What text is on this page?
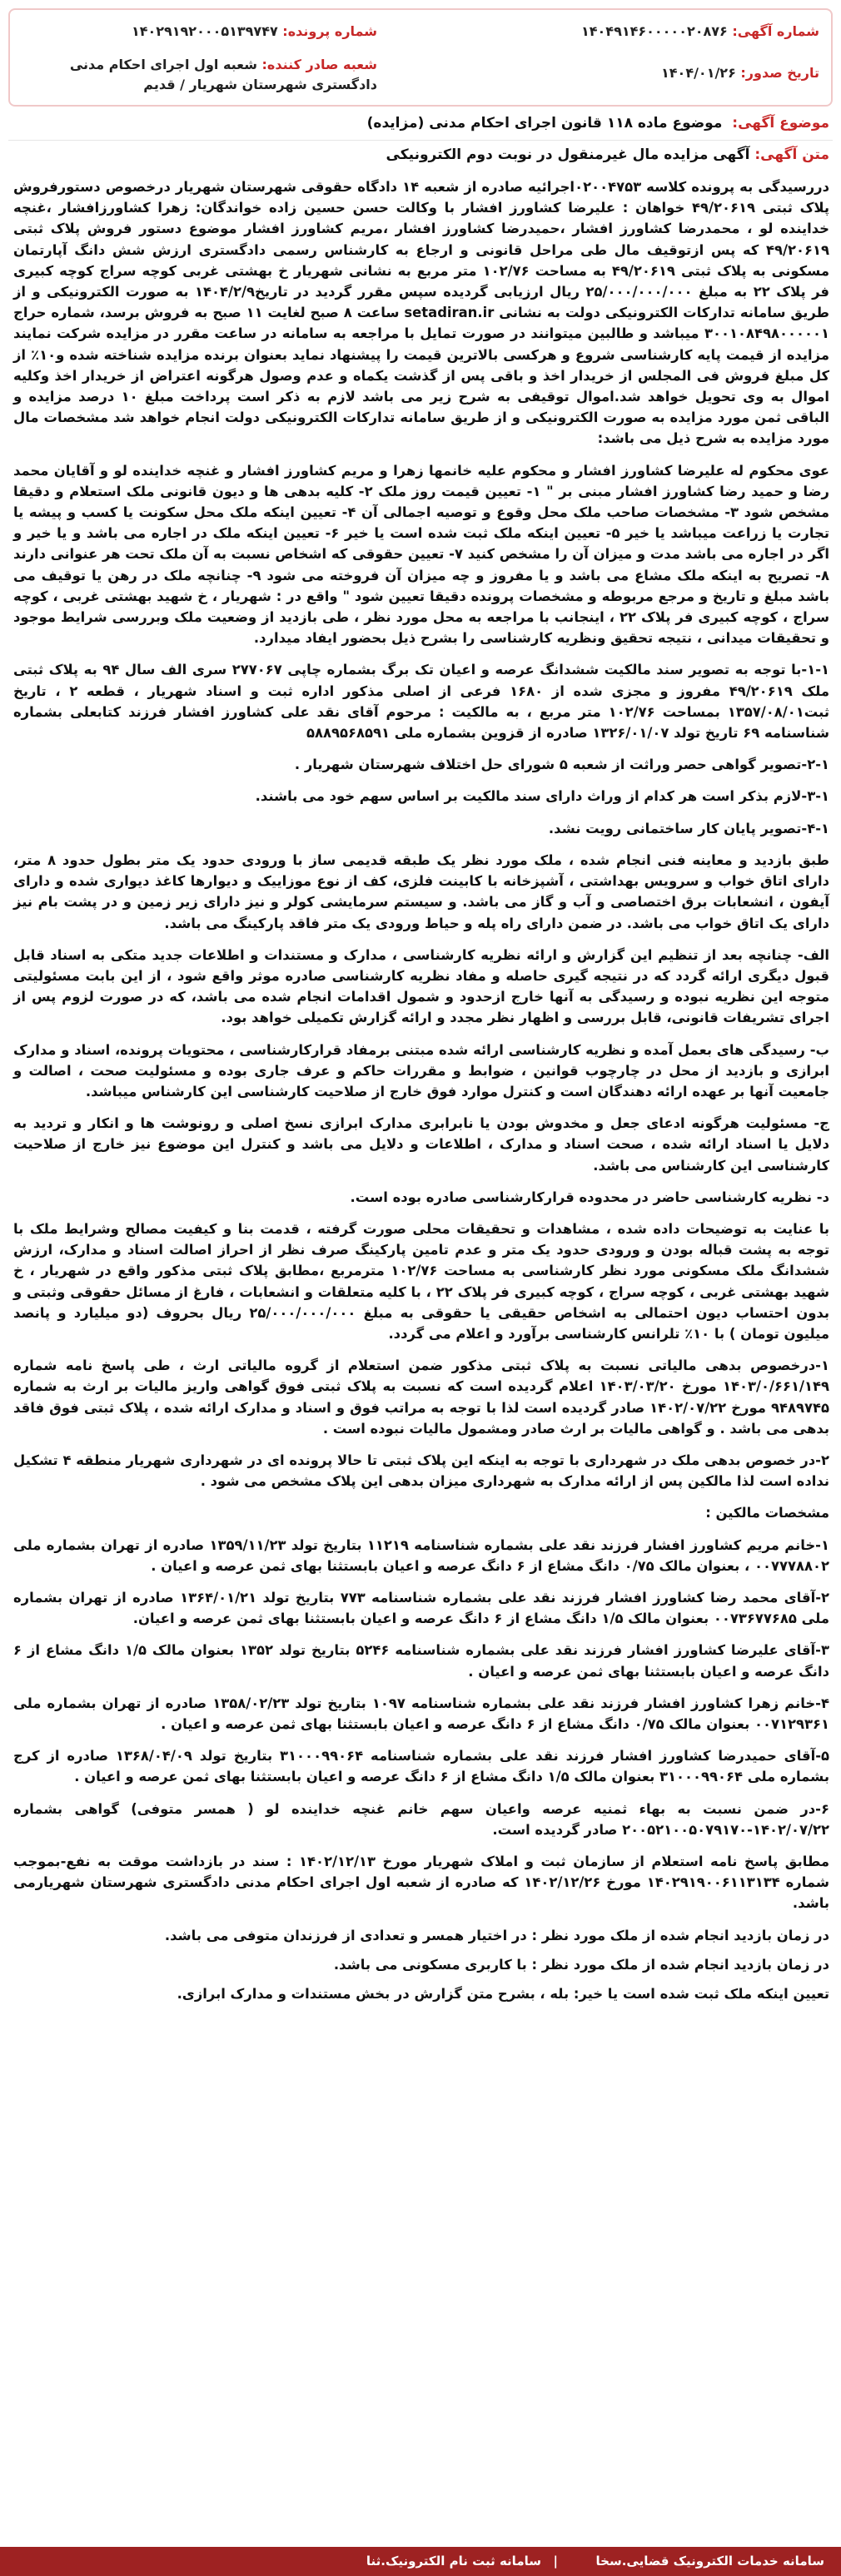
شماره آگهی: ۱۴۰۴۹۱۴۶۰۰۰۰۰۲۰۸۷۶
شماره پرونده: ۱۴۰۲۹۱۹۲۰۰۰۵۱۳۹۷۴۷
تاریخ صدور: ۱۴۰۴/۰۱/۲۶
شعبه صادر کننده: شعبه اول اجرای احکام مدنی دادگستری شهرستان شهریار / قدیم
موضوع آگهی: موضوع ماده ۱۱۸ قانون اجرای احکام مدنی (مزایده)
متن آگهی: آگهی مزایده مال غیرمنقول در نوبت دوم الکترونیکی

دررسیدگی به پرونده کلاسه ۰۲۰۰۴۷۵۳اجرائیه صادره از شعبه ۱۴ دادگاه حقوقی شهرستان شهریار درخصوص دستورفروش پلاک ثبتی ۴۹/۲۰۶۱۹ خواهان : علیرضا کشاورز افشار با وکالت حسن حسین زاده خواندگان: زهرا کشاورزافشار ،غنچه خداینده لو ، محمدرضا کشاورز افشار ،حمیدرضا کشاورز افشار ،مریم کشاورز افشار موضوع دستور فروش پلاک ثبتی ۴۹/۲۰۶۱۹ که پس ازتوقیف مال طی مراحل قانونی و ارجاع به کارشناس رسمی دادگستری ارزش شش دانگ آپارتمان مسکونی به پلاک ثبتی ۴۹/۲۰۶۱۹ به مساحت ۱۰۲/۷۶ متر مربع به نشانی شهریار خ بهشتی غربی کوچه سراج کوچه کبیری فر پلاک ۲۲ به مبلغ ۲۵/۰۰۰/۰۰۰/۰۰۰ ریال ارزیابی گردیده سپس مقرر گردید در تاریخ۱۴۰۴/۲/۹ به صورت الکترونیکی و از طریق سامانه تدارکات الکترونیکی دولت به نشانی setadiran.ir ساعت ۸ صبح لغایت ۱۱ صبح به فروش برسد، شماره حراج ۳۰۰۱۰۸۴۹۸۰۰۰۰۰۱ میباشد و طالبین میتوانند در صورت تمایل با مراجعه به سامانه در ساعت مقرر در مزایده شرکت نمایند مزایده از قیمت پایه کارشناسی شروع و هرکسی بالاترین قیمت را پیشنهاد نماید بعنوان برنده مزایده شناخته شده و۱۰٪ از کل مبلغ فروش فی المجلس از خریدار اخذ و باقی پس از گذشت یکماه و عدم وصول هرگونه اعتراض از خریدار اخذ وکلیه اموال به وی تحویل خواهد شد.اموال توقیفی به شرح زیر می باشد لازم به ذکر است پرداخت مبلغ ۱۰ درصد مزایده و الباقی ثمن مورد مزایده به صورت الکترونیکی و از طریق سامانه تدارکات الکترونیکی دولت انجام خواهد شد مشخصات مال مورد مزایده به شرح ذیل می باشد:

عوی محکوم له علیرضا کشاورز افشار و محکوم علیه خانمها زهرا و مریم کشاورز افشار و غنچه خداینده لو و آقایان محمد رضا و حمید رضا کشاورز افشار مبنی بر " ۱- تعیین قیمت روز ملک ۲- کلیه بدهی ها و دیون قانونی ملک استعلام و دقیقا مشخص شود ۳- مشخصات صاحب ملک محل وقوع و توصیه اجمالی آن ۴- تعیین اینکه ملک محل سکونت یا کسب و پیشه یا تجارت یا زراعت میباشد یا خیر ۵- تعیین اینکه ملک ثبت شده است یا خیر ۶- تعیین اینکه ملک در اجاره می باشد و یا خیر و اگر در اجاره می باشد مدت و میزان آن را مشخص کنید ۷- تعیین حقوقی که اشخاص نسبت به آن ملک تحت هر عنوانی دارند ۸- تصریح به اینکه ملک مشاع می باشد و یا مفروز و چه میزان آن فروخته می شود ۹- چنانچه ملک در رهن یا توقیف می باشد مبلغ و تاریخ و مرجع مربوطه و مشخصات پرونده دقیقا تعیین شود " واقع در : شهریار ، خ شهید بهشتی غربی ، کوچه سراج ، کوچه کبیری فر پلاک ۲۲ ، اینجانب با مراجعه به محل مورد نظر ، طی بازدید از وضعیت ملک وبررسی شرایط موجود و تحقیقات میدانی ، نتیجه تحقیق ونظریه کارشناسی را بشرح ذیل بحضور ایفاد میدارد.

۱-۱-با توجه به تصویر سند مالکیت ششدانگ عرصه و اعیان تک برگ بشماره چاپی ۲۷۷۰۶۷ سری الف سال ۹۴ به پلاک ثبتی ملک ۴۹/۲۰۶۱۹ مفروز و مجزی شده از ۱۶۸۰ فرعی از اصلی مذکور اداره ثبت و اسناد شهریار ، قطعه ۲ ، تاریخ ثبت۱۳۵۷/۰۸/۰۱ بمساحت ۱۰۲/۷۶ متر مربع ، به مالکیت : مرحوم آقای نقد علی کشاورز افشار فرزند کتابعلی بشماره شناسنامه ۶۹ تاریخ تولد ۱۳۲۶/۰۱/۰۷ صادره از قزوین بشماره ملی ۵۸۸۹۵۶۸۵۹۱

۲-۱-تصویر گواهی حصر وراثت از شعبه ۵ شورای حل اختلاف شهرستان شهریار .

۳-۱-لازم بذکر است هر کدام از وراث دارای سند مالکیت بر اساس سهم خود می باشند.

۴-۱-تصویر پایان کار ساختمانی رویت نشد.

طبق بازدید و معاینه فنی انجام شده ، ملک مورد نظر یک طبقه قدیمی ساز با ورودی حدود یک متر بطول حدود ۸ متر، دارای اتاق خواب و سرویس بهداشتی ، آشپزخانه با کابینت فلزی، کف از نوع موزاییک و دیوارها کاغذ دیواری شده و دارای آیفون ، انشعابات برق اختصاصی و آب و گاز می باشد. و سیستم سرمایشی کولر و نیز دارای زیر زمین و در پشت بام نیز دارای یک اتاق خواب می باشد. در ضمن دارای راه پله و حیاط ورودی یک متر فاقد پارکینگ می باشد.

الف- چنانچه بعد از تنظیم این گزارش و ارائه نظریه کارشناسی ، مدارک و مستندات و اطلاعات جدید متکی به اسناد قابل قبول دیگری ارائه گردد که در نتیجه گیری حاصله و مفاد نظریه کارشناسی صادره موثر واقع شود ، از این بابت مسئولیتی متوجه این نظریه نبوده و رسیدگی به آنها خارج ازحدود و شمول اقدامات انجام شده می باشد، که در صورت لزوم پس از اجرای تشریفات قانونی، قابل بررسی و اظهار نظر مجدد و ارائه گزارش تکمیلی خواهد بود.

ب- رسیدگی های بعمل آمده و نظریه کارشناسی ارائه شده مبتنی برمفاد قرارکارشناسی ، محتویات پرونده، اسناد و مدارک ابرازی و بازدید از محل در چارچوب قوانین ، ضوابط و مقررات حاکم و عرف جاری بوده و مسئولیت صحت ، اصالت و جامعیت آنها بر عهده ارائه دهندگان است و کنترل موارد فوق خارج از صلاحیت کارشناسی این کارشناس میباشد.

ج- مسئولیت هرگونه ادعای جعل و مخدوش بودن یا نابرابری مدارک ابرازی نسخ اصلی و رونوشت ها و انکار و تردید به دلایل یا اسناد ارائه شده ، صحت اسناد و مدارک ، اطلاعات و دلایل می باشد و کنترل این موضوع نیز خارج از صلاحیت کارشناسی این کارشناس می باشد.

د- نظریه کارشناسی حاضر در محدوده قرارکارشناسی صادره بوده است.

با عنایت به توضیحات داده شده ، مشاهدات و تحقیقات محلی صورت گرفته ، قدمت بنا و کیفیت مصالح وشرایط ملک با توجه به پشت قباله بودن و ورودی حدود یک متر و عدم تامین پارکینگ صرف نظر از احراز اصالت اسناد و مدارک، ارزش ششدانگ ملک مسکونی مورد نظر کارشناسی به مساحت ۱۰۲/۷۶ مترمربع ،مطابق پلاک ثبتی مذکور واقع در شهریار ، خ شهید بهشتی غربی ، کوچه سراج ، کوچه کبیری فر پلاک ۲۲ ، با کلیه متعلقات و انشعابات ، فارغ از مسائل حقوقی وثبتی و بدون احتساب دیون احتمالی به اشخاص حقیقی یا حقوقی به مبلغ ۲۵/۰۰۰/۰۰۰/۰۰۰ ریال بحروف (دو میلیارد و پانصد میلیون تومان ) با ۱۰٪ تلرانس کارشناسی برآورد و اعلام می گردد.

۱-درخصوص بدهی مالیاتی نسبت به پلاک ثبتی مذکور ضمن استعلام از گروه مالیاتی ارث ، طی پاسخ نامه شماره ۱۴۰۳/۰/۶۶۱/۱۴۹ مورخ ۱۴۰۳/۰۳/۲۰ اعلام گردیده است که نسبت به پلاک ثبتی فوق گواهی واریز مالیات بر ارث به شماره ۹۴۸۹۷۴۵ مورخ ۱۴۰۲/۰۷/۲۲ صادر گردیده است لذا با توجه به مراتب فوق و اسناد و مدارک ارائه شده ، پلاک ثبتی فوق فاقد بدهی می باشد . و گواهی مالیات بر ارث صادر ومشمول مالیات نبوده است .

۲-در خصوص بدهی ملک در شهرداری با توجه به اینکه این پلاک ثبتی تا حالا پرونده ای در شهرداری شهریار منطقه ۴ تشکیل نداده است لذا مالکین پس از ارائه مدارک به شهرداری میزان بدهی این پلاک مشخص می شود .

مشخصات مالکین :

۱-خانم مریم کشاورز افشار فرزند نقد علی بشماره شناسنامه ۱۱۲۱۹ بتاریخ تولد ۱۳۵۹/۱۱/۲۳ صادره از تهران بشماره ملی ۰۰۷۷۷۸۸۰۲ ، بعنوان مالک ۰/۷۵ دانگ مشاع از ۶ دانگ عرصه و اعیان بابستثنا بهای ثمن عرصه و اعیان .

۲-آقای محمد رضا کشاورز افشار فرزند نقد علی بشماره شناسنامه ۷۷۳ بتاریخ تولد ۱۳۶۴/۰۱/۲۱ صادره از تهران بشماره ملی ۰۰۷۳۶۷۷۶۸۵ بعنوان مالک ۱/۵ دانگ مشاع از ۶ دانگ عرصه و اعیان بابستثنا بهای ثمن عرصه و اعیان.

۳-آقای علیرضا کشاورز افشار فرزند نقد علی بشماره شناسنامه ۵۲۴۶ بتاریخ تولد ۱۳۵۲ بعنوان مالک ۱/۵ دانگ مشاع از ۶ دانگ عرصه و اعیان بابستثنا بهای ثمن عرصه و اعیان .

۴-خانم زهرا کشاورز افشار فرزند نقد علی بشماره شناسنامه ۱۰۹۷ بتاریخ تولد ۱۳۵۸/۰۲/۲۳ صادره از تهران بشماره ملی ۰۰۷۱۲۹۳۶۱ بعنوان مالک ۰/۷۵ دانگ مشاع از ۶ دانگ عرصه و اعیان بابستثنا بهای ثمن عرصه و اعیان .

۵-آقای حمیدرضا کشاورز افشار فرزند نقد علی بشماره شناسنامه ۳۱۰۰۰۹۹۰۶۴ بتاریخ تولد ۱۳۶۸/۰۴/۰۹ صادره از کرج بشماره ملی ۳۱۰۰۰۹۹۰۶۴ بعنوان مالک ۱/۵ دانگ مشاع از ۶ دانگ عرصه و اعیان بابستثنا بهای ثمن عرصه و اعیان .

۶-در ضمن نسبت به بهاء ثمنیه عرصه واعیان سهم خانم غنچه خداینده لو ( همسر متوفی) گواهی بشماره ۱۴۰۲/۰۷/۲۲-۲۰۰۵۲۱۰۰۵۰۷۹۱۷۰ صادر گردیده است.

مطابق پاسخ نامه استعلام از سازمان ثبت و املاک شهریار مورخ ۱۴۰۲/۱۲/۱۳ : سند در بازداشت موقت به نفع-بموجب شماره ۱۴۰۲۹۱۹۰۰۶۱۱۳۱۳۴ مورخ ۱۴۰۲/۱۲/۲۶ که صادره از شعبه اول اجرای احکام مدنی دادگستری شهرستان شهریارمی باشد.

در زمان بازدید انجام شده از ملک مورد نظر : در اختیار همسر و تعدادی از فرزندان متوفی می باشد.

در زمان بازدید انجام شده از ملک مورد نظر : با کاربری مسکونی می باشد.

تعیین اینکه ملک ثبت شده است یا خیر: بله ، بشرح متن گزارش در بخش مستندات و مدارک ابرازی.

سامانه خدمات الکترونیک قضایی.سخا
|
سامانه ثبت نام الکترونیک.ثنا
